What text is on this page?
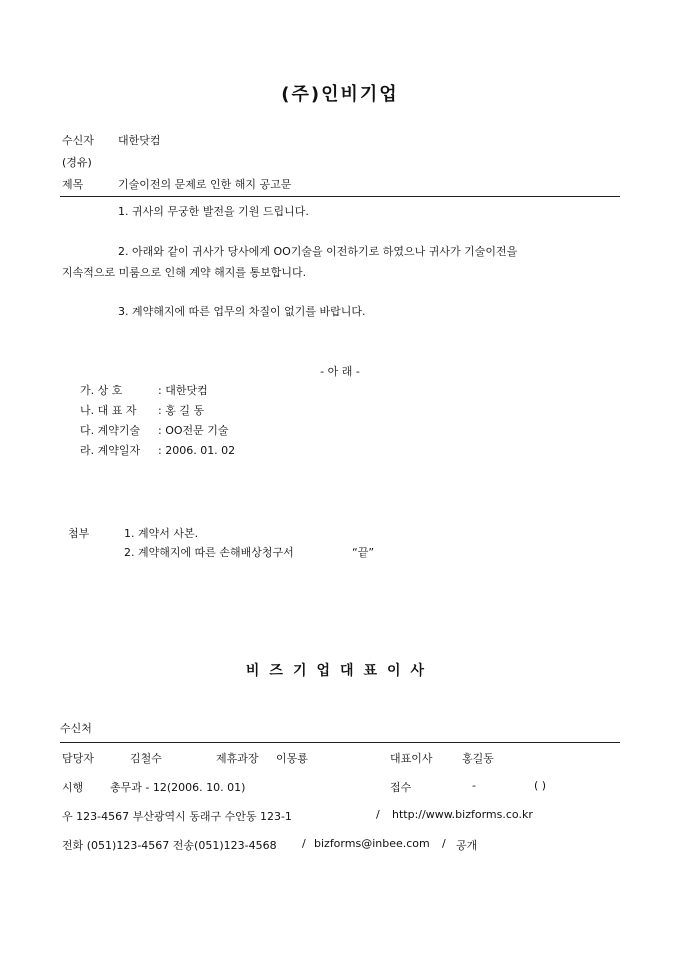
(주)인비기업
수신자 대한닷컴
(경유)
제목	기술이전의 문제로 인한 해지 공고문
1. 귀사의 무궁한 발전을 기원 드립니다.
2. 아래와 같이 귀사가 당사에게 OO기술을 이전하기로 하였으나 귀사가 기술이전을
지속적으로 미룸으로 인해 계약 해지를 통보합니다.
3. 계약해지에 따른 업무의 차질이 없기를 바랍니다.
- 아 래 -
가. 상 호	: 대한닷컴
나. 대 표 자 : 홍 길 동
다. 계약기술 : OO전문 기술
라. 계약일자 : 2006. 01. 02
첨부	1. 계약서 사본.
2. 계약해지에 따른 손해배상청구서	“끝”
비즈기업대표이사
수신처
담당자	김철수	제휴과장 이몽룡	대표이사	홍길동
시행 총무과 - 12(2006. 10. 01)	접수	-	( )
우 123-4567 부산광역시 동래구 수안동 123-1	/ http://www.bizforms.co.kr
전화 (051)123-4567 전송(051)123-4568 / bizforms@inbee.com / 공개
